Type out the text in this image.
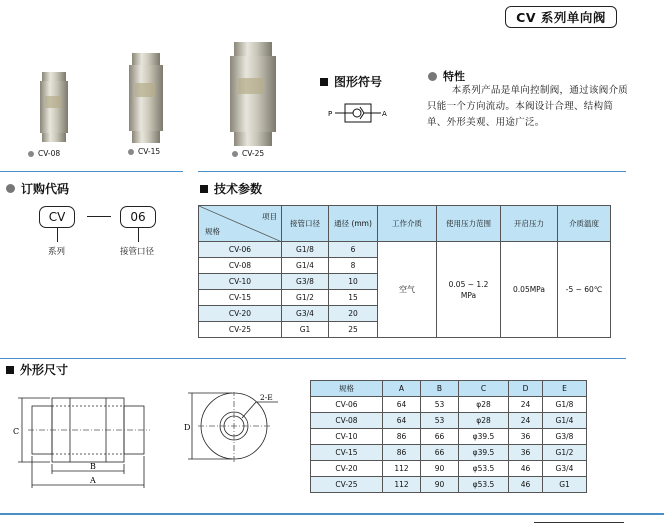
CV 系列单向阀
CV-08	CV-15	CV-25
图形符号
P	A
特性
本系列产品是单向控制阀，通过该阀介质只能一个方向流动。本阀设计合理、结构简单、外形美观、用途广泛。
订购代码
CV	06
系列	接管口径
技术参数
项目
规格	接管口径	通径 (mm)	工作介质	使用压力范围	开启压力	介质温度
CV-06	G1/8	6	空气	0.05 ~ 1.2
MPa	0.05MPa	-5 ~ 60℃
CV-08	G1/4	8				
CV-10	G3/8	10				
CV-15	G1/2	15				
CV-20	G3/4	20				
CV-25	G1	25				
外形尺寸
C
B
A
D
2-E
规格	A	B	C	D	E
CV-06	64	53	φ28	24	G1/8
CV-08	64	53	φ28	24	G1/4
CV-10	86	66	φ39.5	36	G3/8
CV-15	86	66	φ39.5	36	G1/2
CV-20	112	90	φ53.5	46	G3/4
CV-25	112	90	φ53.5	46	G1
